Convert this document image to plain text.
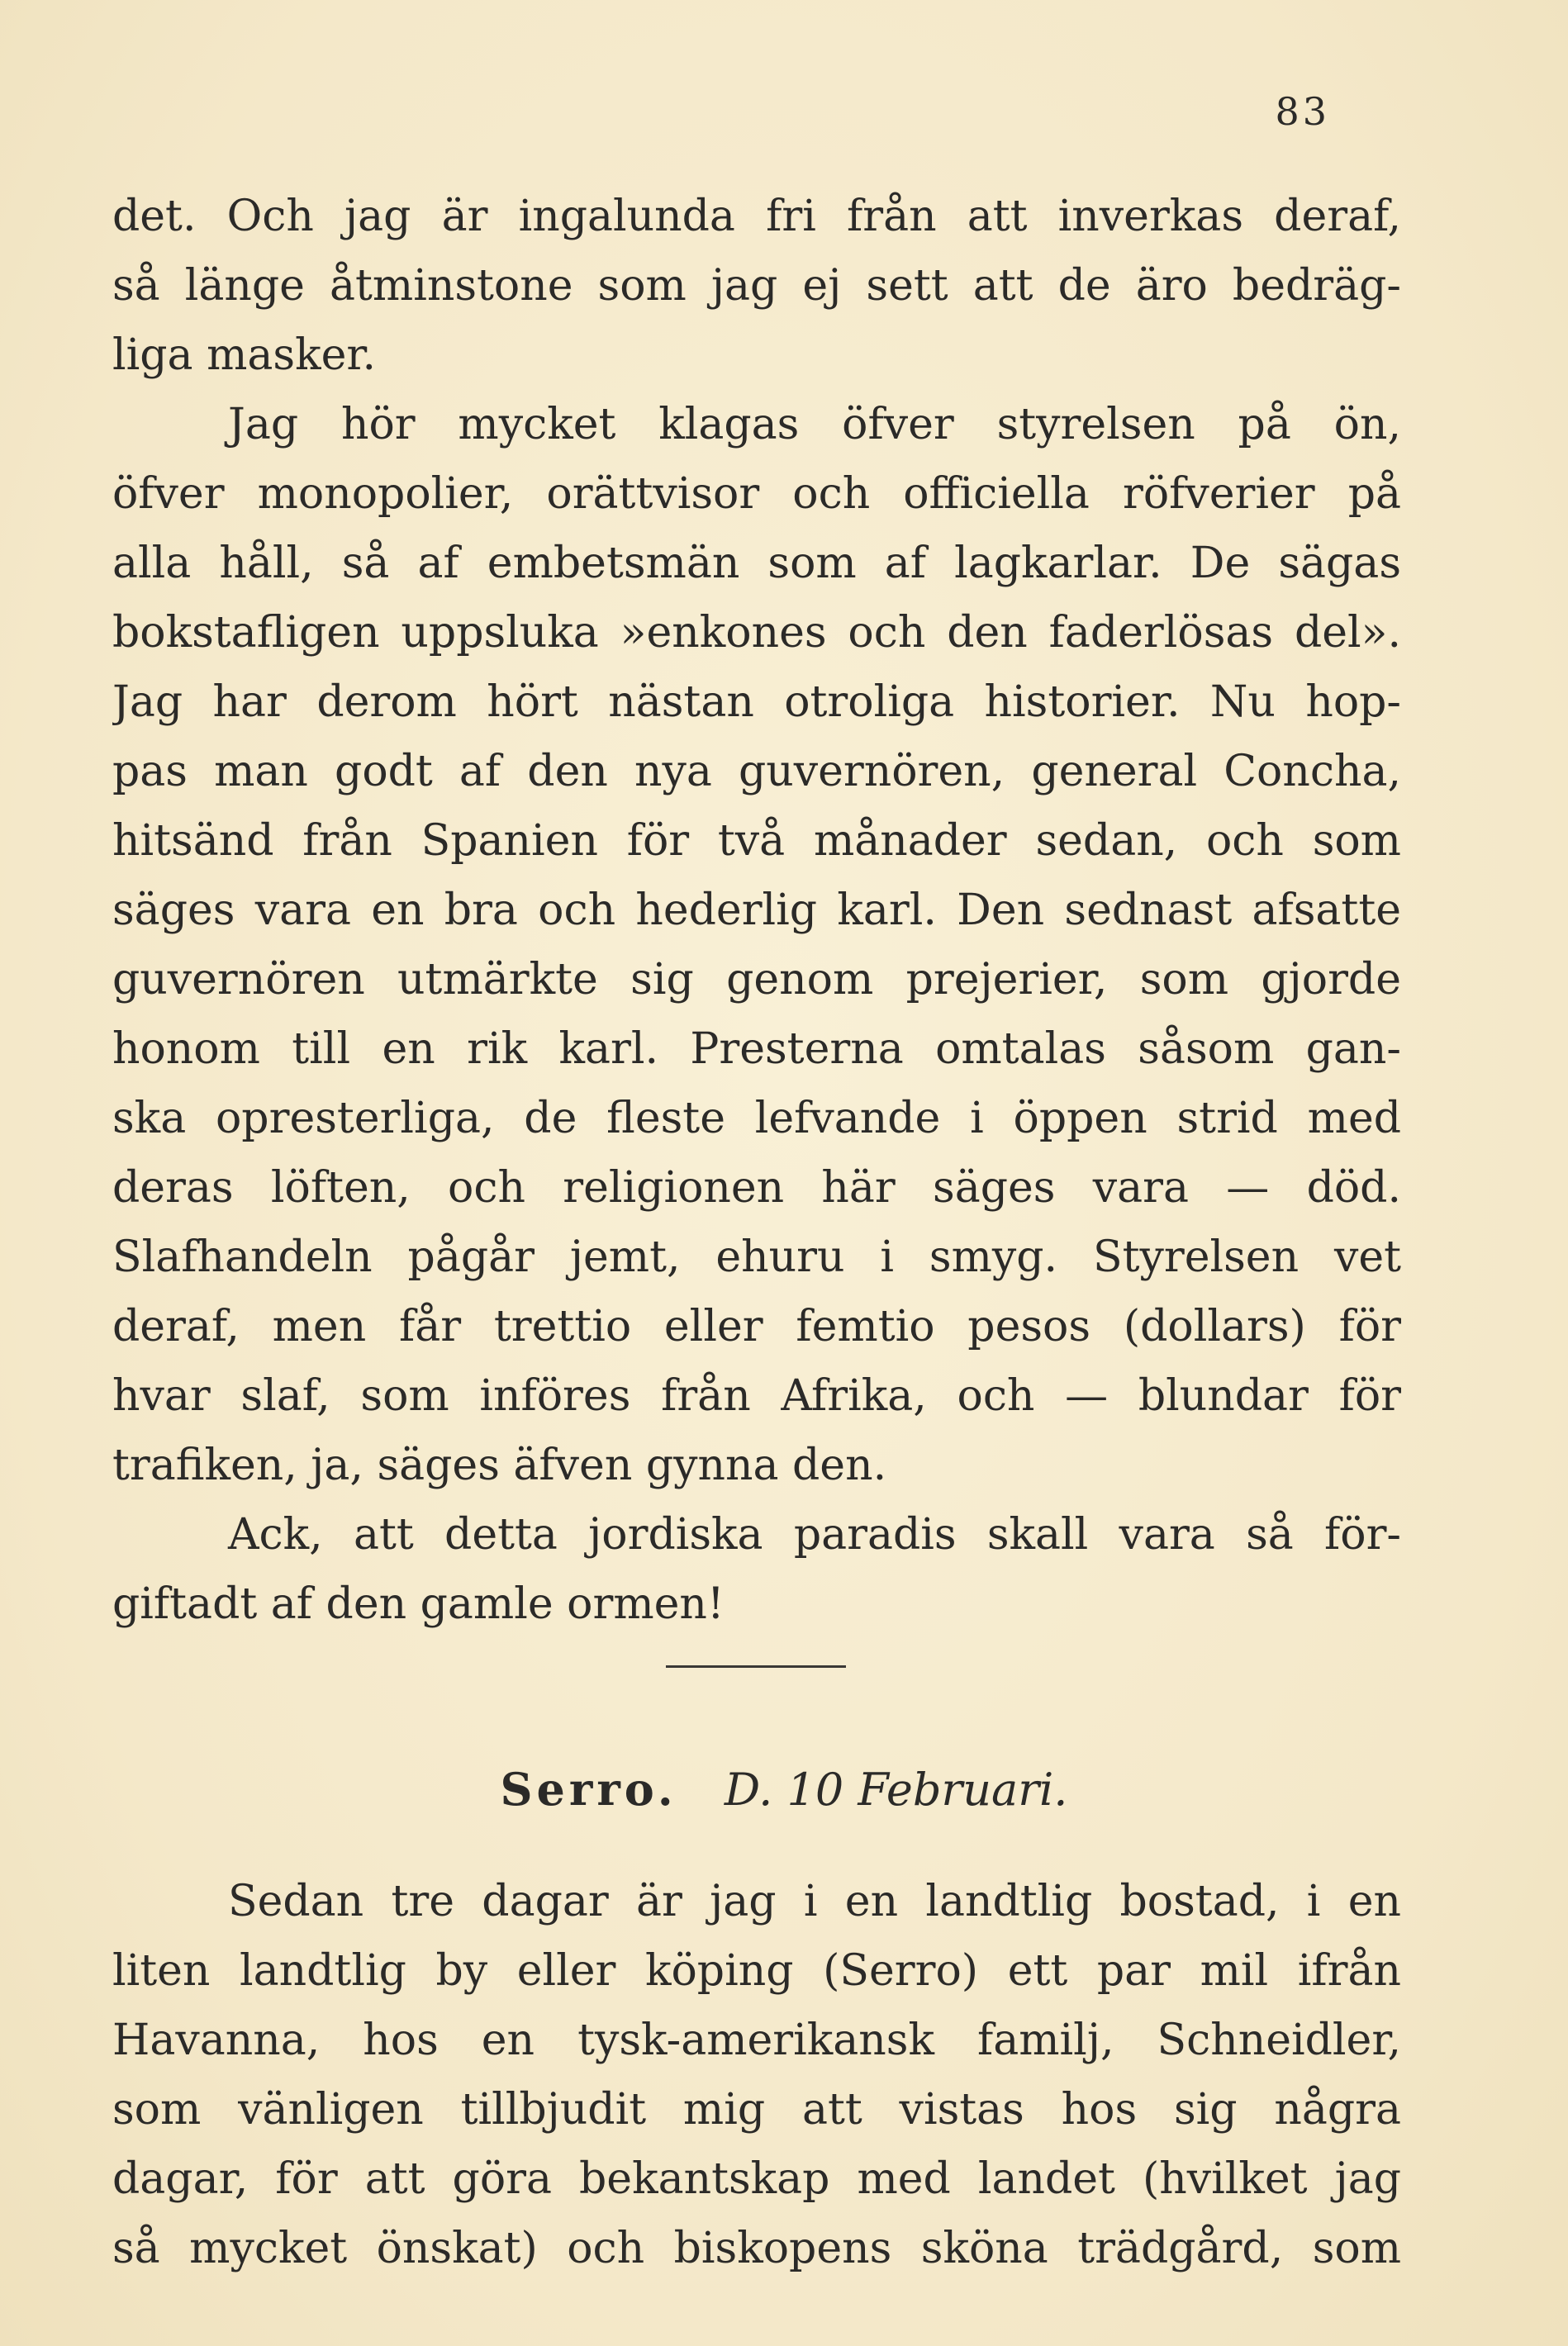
83
det. Och jag är ingalunda fri från att inverkas deraf,
så länge åtminstone som jag ej sett att de äro bedräg-
liga masker.
Jag hör mycket klagas öfver styrelsen på ön,
öfver monopolier, orättvisor och officiella röfverier på
alla håll, så af embetsmän som af lagkarlar. De sägas
bokstafligen uppsluka »enkones och den faderlösas del».
Jag har derom hört nästan otroliga historier. Nu hop-
pas man godt af den nya guvernören, general Concha,
hitsänd från Spanien för två månader sedan, och som
säges vara en bra och hederlig karl. Den sednast afsatte
guvernören utmärkte sig genom prejerier, som gjorde
honom till en rik karl. Presterna omtalas såsom gan-
ska opresterliga, de fleste lefvande i öppen strid med
deras löften, och religionen här säges vara — död.
Slafhandeln pågår jemt, ehuru i smyg. Styrelsen vet
deraf, men får trettio eller femtio pesos (dollars) för
hvar slaf, som införes från Afrika, och — blundar för
trafiken, ja, säges äfven gynna den.
Ack, att detta jordiska paradis skall vara så för-
giftadt af den gamle ormen!
Serro. D. 10 Februari.
Sedan tre dagar är jag i en landtlig bostad, i en
liten landtlig by eller köping (Serro) ett par mil ifrån
Havanna, hos en tysk-amerikansk familj, Schneidler,
som vänligen tillbjudit mig att vistas hos sig några
dagar, för att göra bekantskap med landet (hvilket jag
så mycket önskat) och biskopens sköna trädgård, som
